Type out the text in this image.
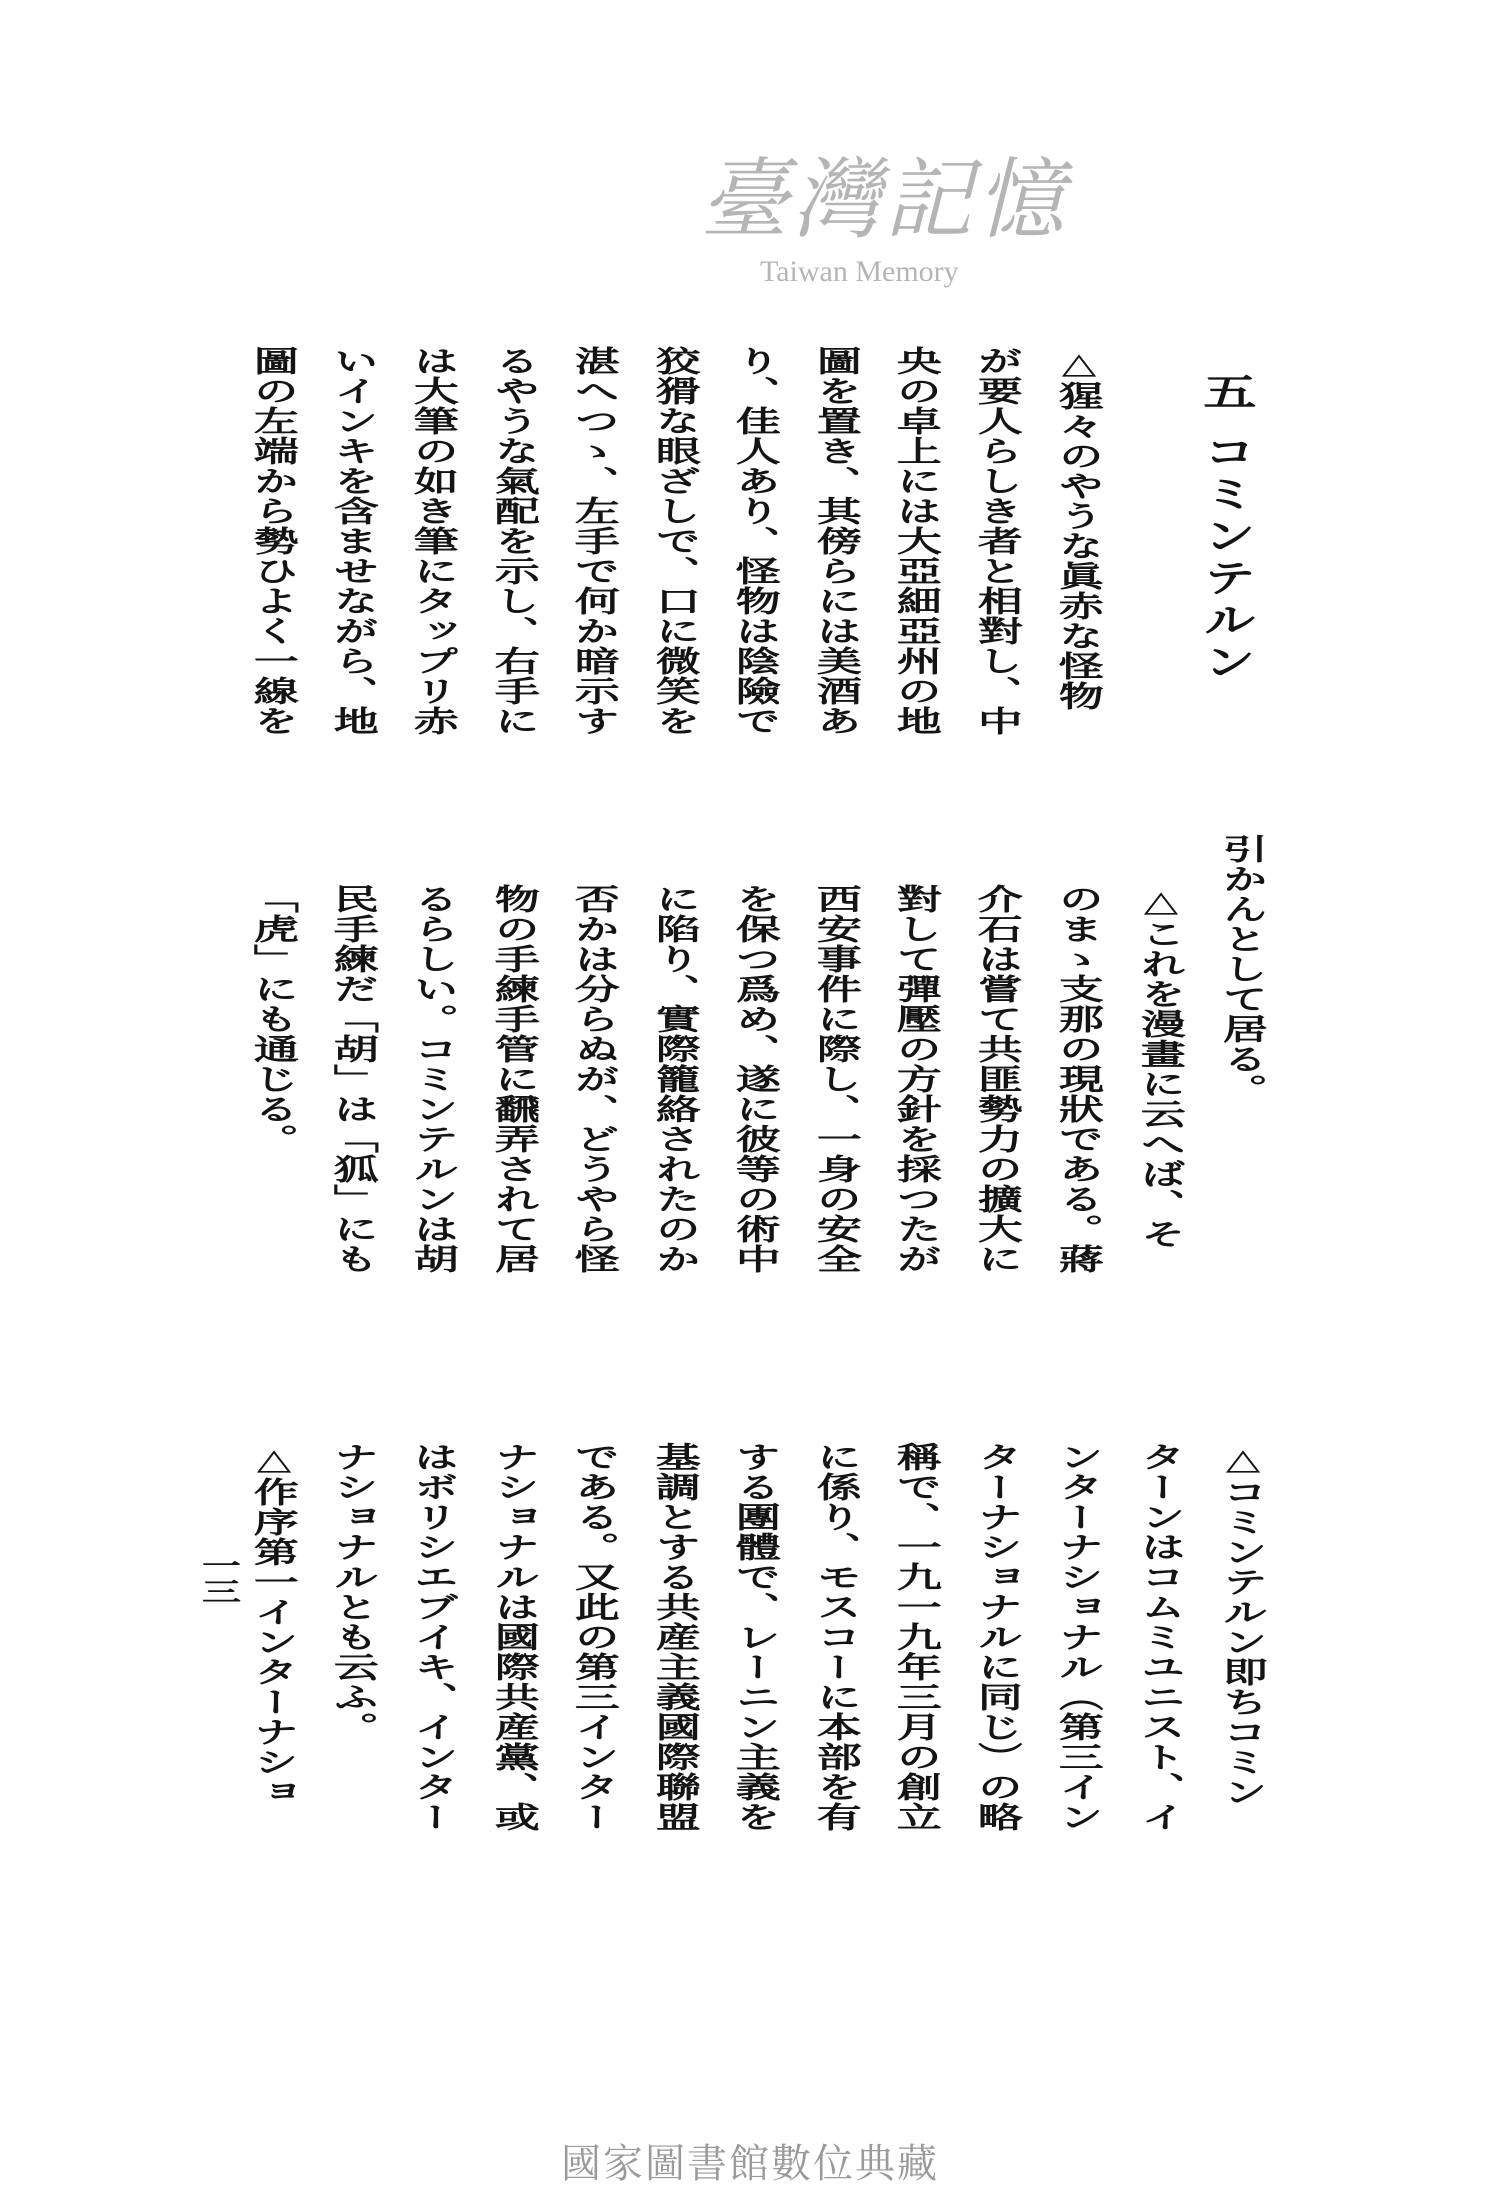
臺灣記憶
Taiwan Memory
五コミンテルン
△猩々のやうな眞赤な怪物
が要人らしき者と相對し、中
央の卓上には大亞細亞州の地
圖を置き、其傍らには美酒あ
り、佳人あり、怪物は陰險で
狡猾な眼ざしで、口に微笑を
湛へつゝ、左手で何か暗示す
るやうな氣配を示し、右手に
は大筆の如き筆にタップリ赤
いインキを含ませながら、地
圖の左端から勢ひよく一線を
引かんとして居る。
△これを漫畫に云へば、そ
のまゝ支那の現狀である。蔣
介石は嘗て共匪勢力の擴大に
對して彈壓の方針を採つたが
西安事件に際し、一身の安全
を保つ爲め、遂に彼等の術中
に陷り、實際籠絡されたのか
否かは分らぬが、どうやら怪
物の手練手管に飜弄されて居
るらしい。コミンテルンは胡
民手練だ「胡」は「狐」にも
「虎」にも通じる。
△コミンテルン即ちコミン
ターンはコムミユニスト、イ
ンターナショナル（第三イン
ターナショナルに同じ）の略
稱で、一九一九年三月の創立
に係り、モスコーに本部を有
する團體で、レーニン主義を
基調とする共産主義國際聯盟
である。又此の第三インター
ナショナルは國際共産黨、或
はボリシエブイキ、インター
ナショナルとも云ふ。
△作序第一インターナショ
一三
國家圖書館數位典藏
